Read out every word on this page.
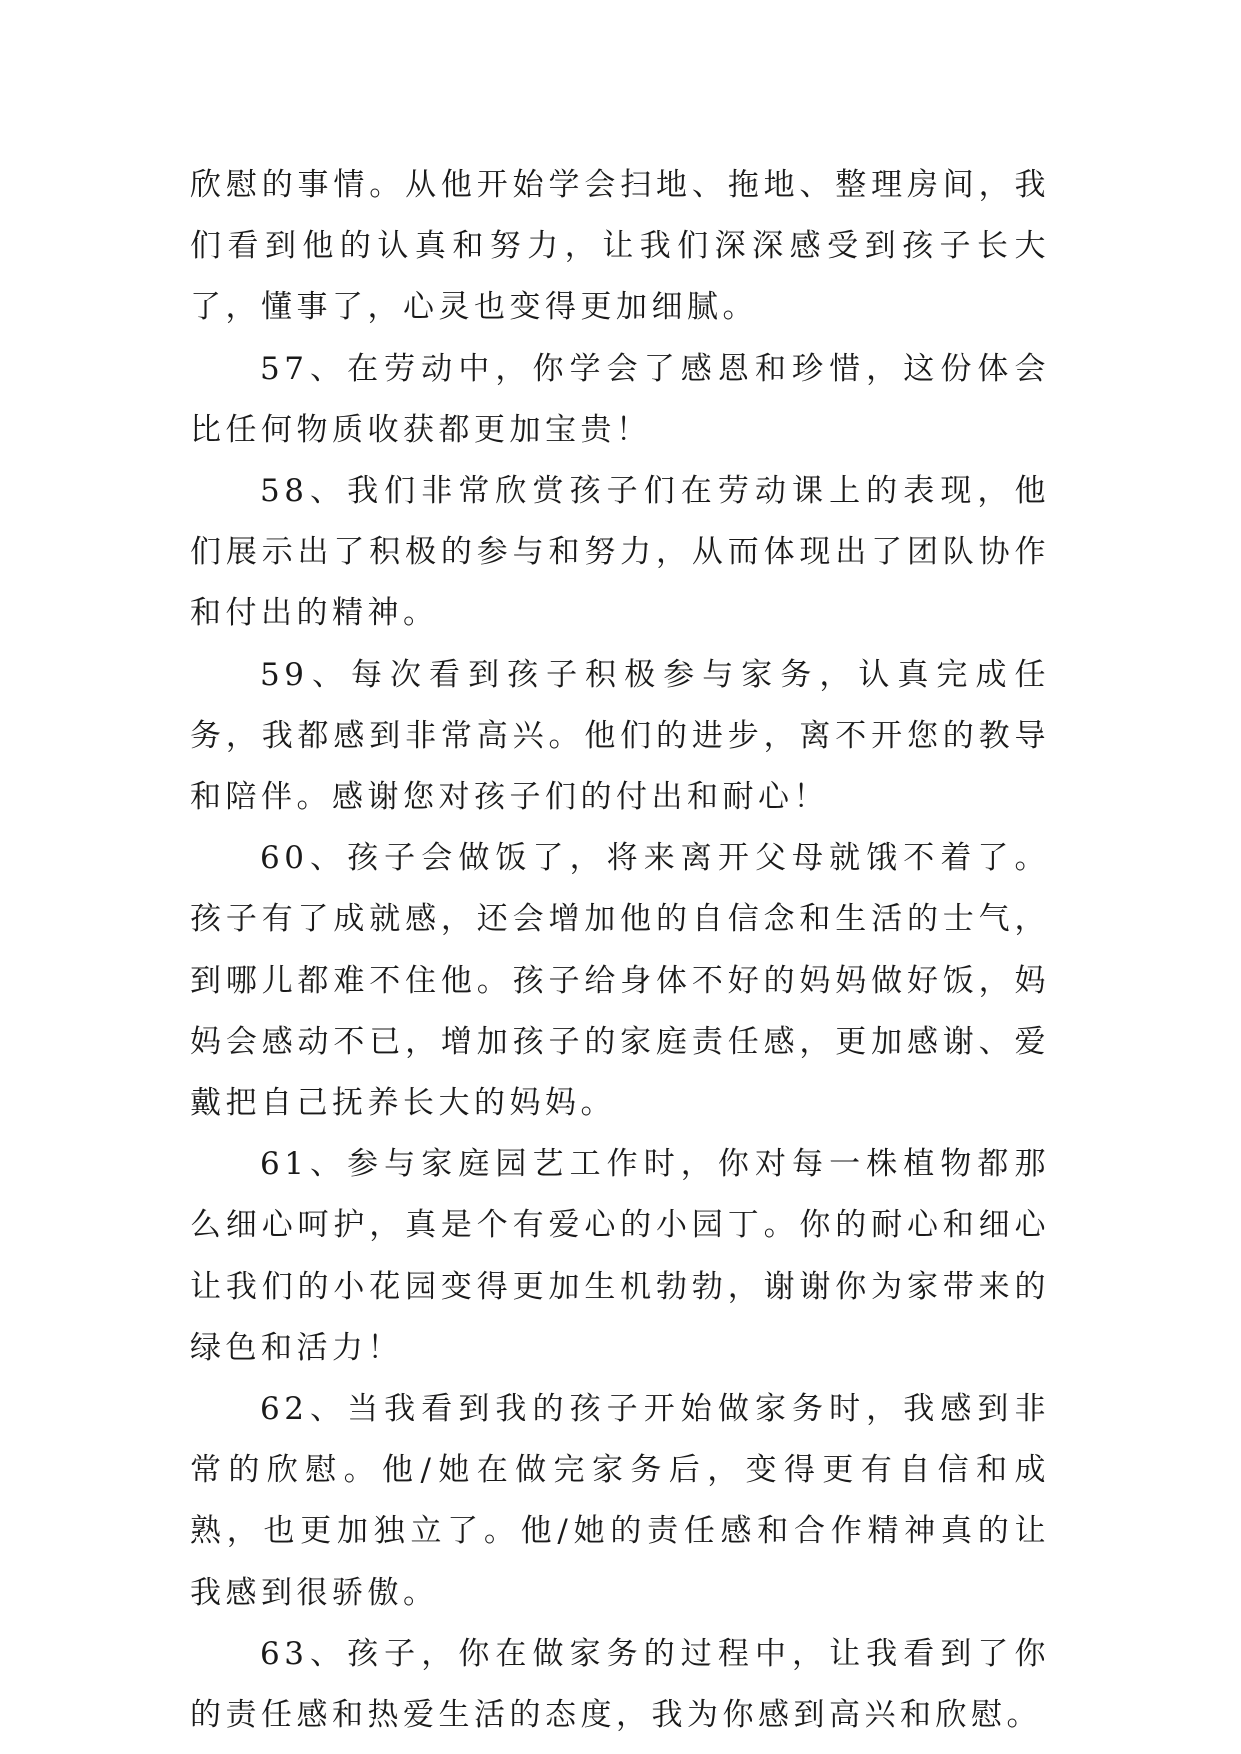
欣慰的事情。从他开始学会扫地、拖地、整理房间，我们看到他的认真和努力，让我们深深感受到孩子长大了，懂事了，心灵也变得更加细腻。

57、在劳动中，你学会了感恩和珍惜，这份体会比任何物质收获都更加宝贵！

58、我们非常欣赏孩子们在劳动课上的表现，他们展示出了积极的参与和努力，从而体现出了团队协作和付出的精神。

59、每次看到孩子积极参与家务，认真完成任务，我都感到非常高兴。他们的进步，离不开您的教导和陪伴。感谢您对孩子们的付出和耐心！

60、孩子会做饭了，将来离开父母就饿不着了。孩子有了成就感，还会增加他的自信念和生活的士气，到哪儿都难不住他。孩子给身体不好的妈妈做好饭，妈妈会感动不已，增加孩子的家庭责任感，更加感谢、爱戴把自己抚养长大的妈妈。

61、参与家庭园艺工作时，你对每一株植物都那么细心呵护，真是个有爱心的小园丁。你的耐心和细心让我们的小花园变得更加生机勃勃，谢谢你为家带来的绿色和活力！

62、当我看到我的孩子开始做家务时，我感到非常的欣慰。他/她在做完家务后，变得更有自信和成熟，也更加独立了。他/她的责任感和合作精神真的让我感到很骄傲。

63、孩子，你在做家务的过程中，让我看到了你的责任感和热爱生活的态度，我为你感到高兴和欣慰。
